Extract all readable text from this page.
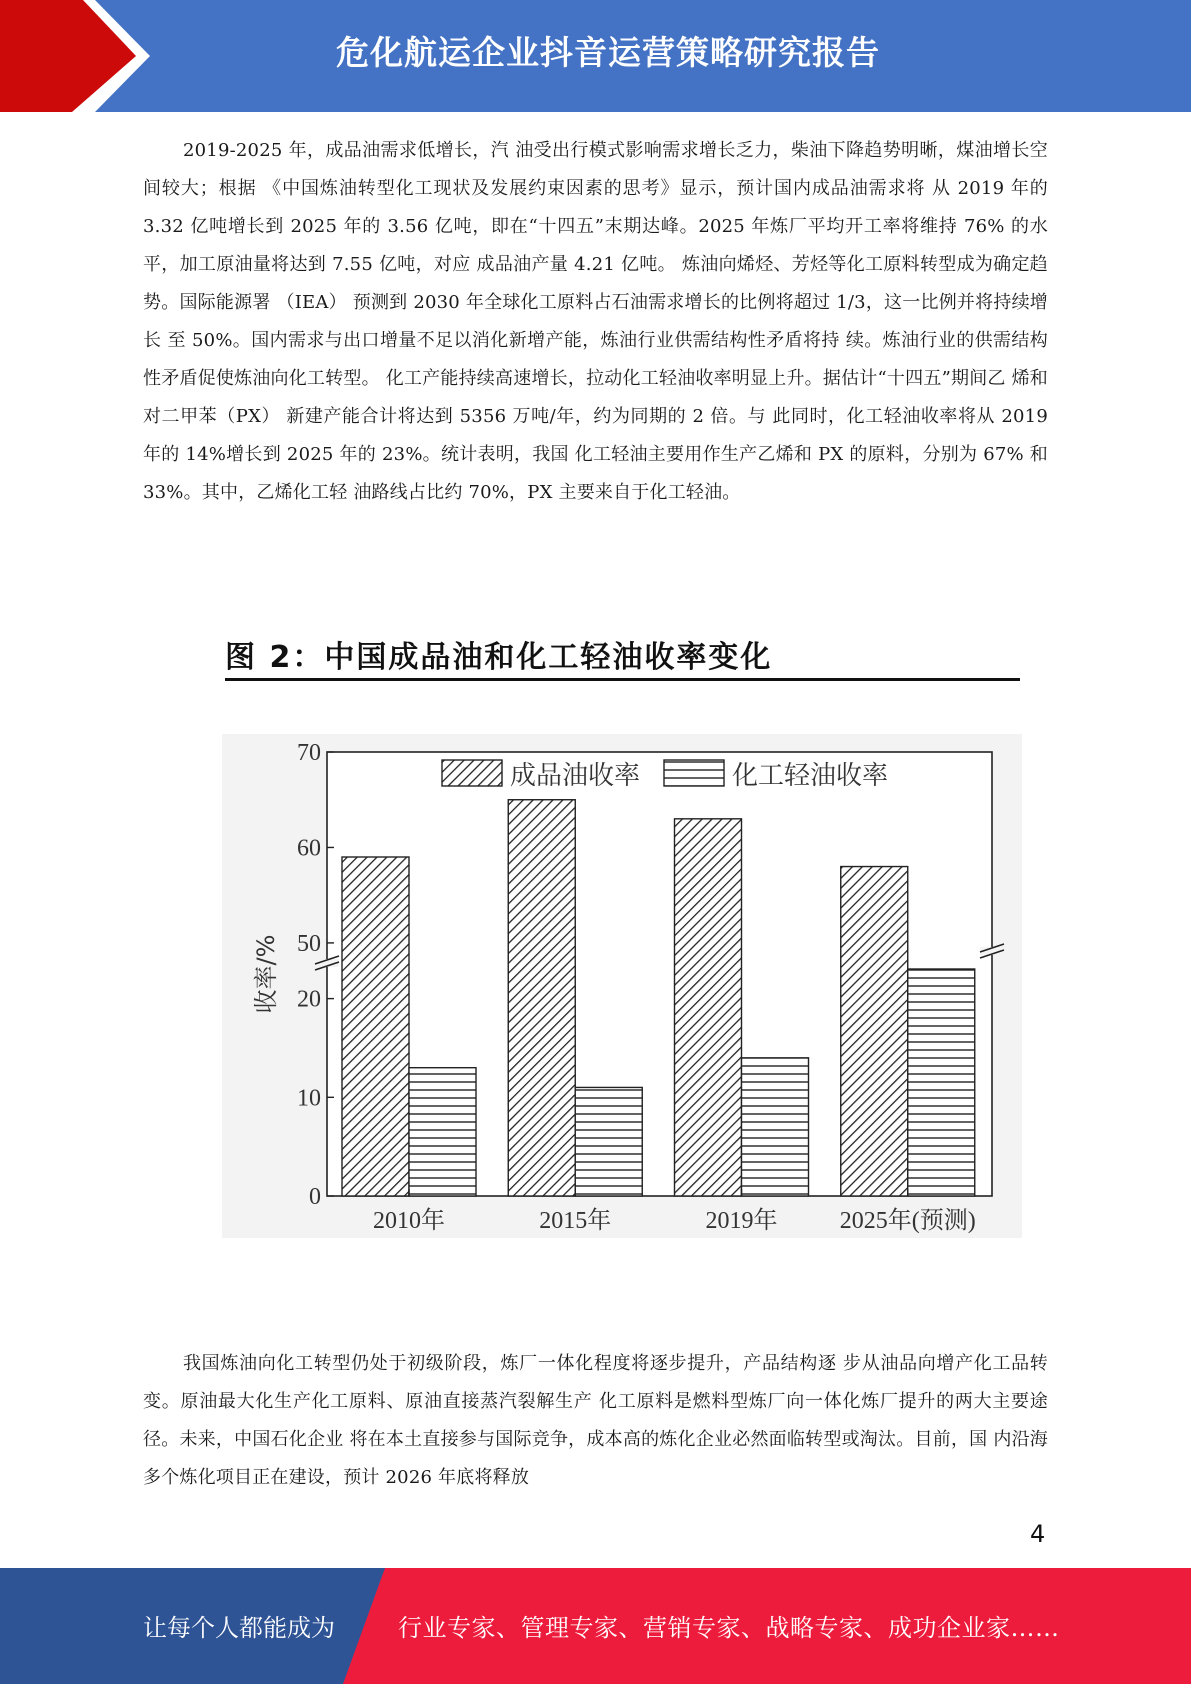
危化航运企业抖音运营策略研究报告

2019-2025 年，成品油需求低增长，汽 油受出行模式影响需求增长乏力，柴油下降趋势明晰，煤油增长空间较大；根据 《中国炼油转型化工现状及发展约束因素的思考》显示，预计国内成品油需求将 从 2019 年的 3.32 亿吨增长到 2025 年的 3.56 亿吨，即在“十四五”末期达峰。2025 年炼厂平均开工率将维持 76% 的水平，加工原油量将达到 7.55 亿吨，对应 成品油产量 4.21 亿吨。 炼油向烯烃、芳烃等化工原料转型成为确定趋势。国际能源署 （IEA） 预测到 2030 年全球化工原料占石油需求增长的比例将超过 1/3，这一比例并将持续增长 至 50%。国内需求与出口增量不足以消化新增产能，炼油行业供需结构性矛盾将持 续。炼油行业的供需结构性矛盾促使炼油向化工转型。 化工产能持续高速增长，拉动化工轻油收率明显上升。据估计“十四五”期间乙 烯和对二甲苯（PX） 新建产能合计将达到 5356 万吨/年，约为同期的 2 倍。与 此同时，化工轻油收率将从 2019 年的 14%增长到 2025 年的 23%。统计表明，我国 化工轻油主要用作生产乙烯和 PX 的原料，分别为 67% 和 33%。其中，乙烯化工轻 油路线占比约 70%，PX 主要来自于化工轻油。

图 2：中国成品油和化工轻油收率变化
0
10
20
50
60
70
收率/%
2010年	2015年	2019年	2025年(预测)
成品油收率	化工轻油收率

我国炼油向化工转型仍处于初级阶段，炼厂一体化程度将逐步提升，产品结构逐 步从油品向增产化工品转变。原油最大化生产化工原料、原油直接蒸汽裂解生产 化工原料是燃料型炼厂向一体化炼厂提升的两大主要途径。未来，中国石化企业 将在本土直接参与国际竞争，成本高的炼化企业必然面临转型或淘汰。目前，国 内沿海多个炼化项目正在建设，预计 2026 年底将释放

4
让每个人都能成为	行业专家、管理专家、营销专家、战略专家、成功企业家……
